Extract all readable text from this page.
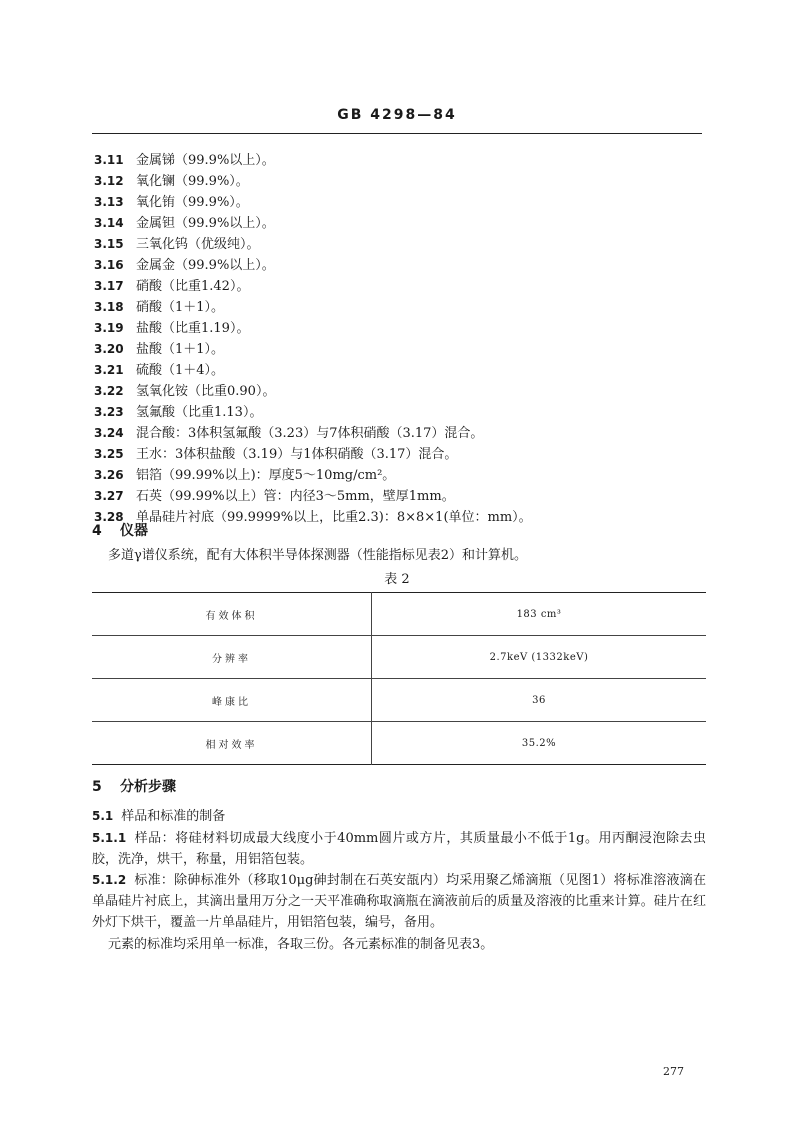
GB 4298—84
3.11 金属锑（99.9%以上）。
3.12 氧化镧（99.9%）。
3.13 氧化铕（99.9%）。
3.14 金属钽（99.9%以上）。
3.15 三氧化钨（优级纯）。
3.16 金属金（99.9%以上）。
3.17 硝酸（比重1.42）。
3.18 硝酸（1＋1）。
3.19 盐酸（比重1.19）。
3.20 盐酸（1＋1）。
3.21 硫酸（1＋4）。
3.22 氢氧化铵（比重0.90）。
3.23 氢氟酸（比重1.13）。
3.24 混合酸：3体积氢氟酸（3.23）与7体积硝酸（3.17）混合。
3.25 王水：3体积盐酸（3.19）与1体积硝酸（3.17）混合。
3.26 铝箔（99.99%以上)：厚度5～10mg/cm²。
3.27 石英（99.99%以上）管：内径3～5mm，壁厚1mm。
3.28 单晶硅片衬底（99.9999%以上，比重2.3)：8×8×1(单位：mm）。
4 仪器
多道γ谱仪系统，配有大体积半导体探测器（性能指标见表2）和计算机。
表 2
有效体积	183 cm³
分辨率	2.7keV (1332keV)
峰康比	36
相对效率	35.2%
5 分析步骤
5.1 样品和标准的制备
5.1.1 样品：将硅材料切成最大线度小于40mm圆片或方片，其质量最小不低于1g。用丙酮浸泡除去虫胶，洗净，烘干，称量，用铝箔包装。
5.1.2 标准：除砷标准外（移取10μg砷封制在石英安瓿内）均采用聚乙烯滴瓶（见图1）将标准溶液滴在单晶硅片衬底上，其滴出量用万分之一天平准确称取滴瓶在滴液前后的质量及溶液的比重来计算。硅片在红外灯下烘干，覆盖一片单晶硅片，用铝箔包装，编号，备用。
元素的标准均采用单一标准，各取三份。各元素标准的制备见表3。
277
